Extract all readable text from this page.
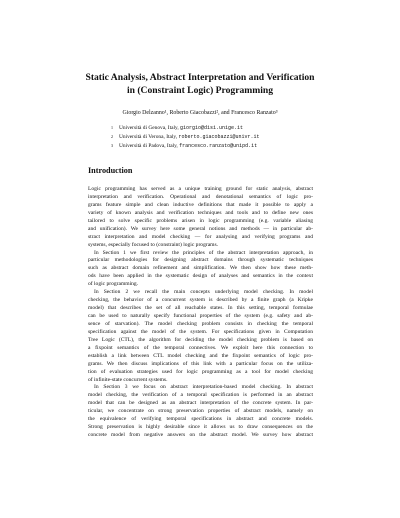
Static Analysis, Abstract Interpretation and Verification
in (Constraint Logic) Programming
Giorgio Delzanno¹, Roberto Giacobazzi², and Francesco Ranzato³
1 Università di Genova, Italy, giorgio@disi.unige.it
2 Università di Verona, Italy, roberto.giacobazzi@univr.it
3 Università di Padova, Italy, francesco.ranzato@unipd.it
Introduction
Logic programming has served as a unique training ground for static analysis, abstract
interpretation and verification. Operational and denotational semantics of logic pro-
grams feature simple and clean inductive definitions that made it possible to apply a
variety of known analysis and verification techniques and tools and to define new ones
tailored to solve specific problems arisen in logic programming (e.g. variable aliasing
and unification). We survey here some general notions and methods — in particular ab-
stract interpretation and model checking — for analysing and verifying programs and
systems, especially focused to (constraint) logic programs.
In Section 1 we first review the principles of the abstract interpretation approach, in
particular methodologies for designing abstract domains through systematic techniques
such as abstract domain refinement and simplification. We then show how these meth-
ods have been applied in the systematic design of analyses and semantics in the context
of logic programming.
In Section 2 we recall the main concepts underlying model checking. In model
checking, the behavior of a concurrent system is described by a finite graph (a Kripke
model) that describes the set of all reachable states. In this setting, temporal formulae
can be used to naturally specify functional properties of the system (e.g. safety and ab-
sence of starvation). The model checking problem consists in checking the temporal
specification against the model of the system. For specifications given in Computation
Tree Logic (CTL), the algorithm for deciding the model checking problem is based on
a fixpoint semantics of the temporal connectives. We exploit here this connection to
establish a link between CTL model checking and the fixpoint semantics of logic pro-
grams. We then discuss implications of this link with a particular focus on the utiliza-
tion of evaluation strategies used for logic programming as a tool for model checking
of infinite-state concurrent systems.
In Section 3 we focus on abstract interpretation-based model checking. In abstract
model checking, the verification of a temporal specification is performed in an abstract
model that can be designed as an abstract interpretation of the concrete system. In par-
ticular, we concentrate on strong preservation properties of abstract models, namely on
the equivalence of verifying temporal specifications in abstract and concrete models.
Strong preservation is highly desirable since it allows us to draw consequences on the
concrete model from negative answers on the abstract model. We survey how abstract
